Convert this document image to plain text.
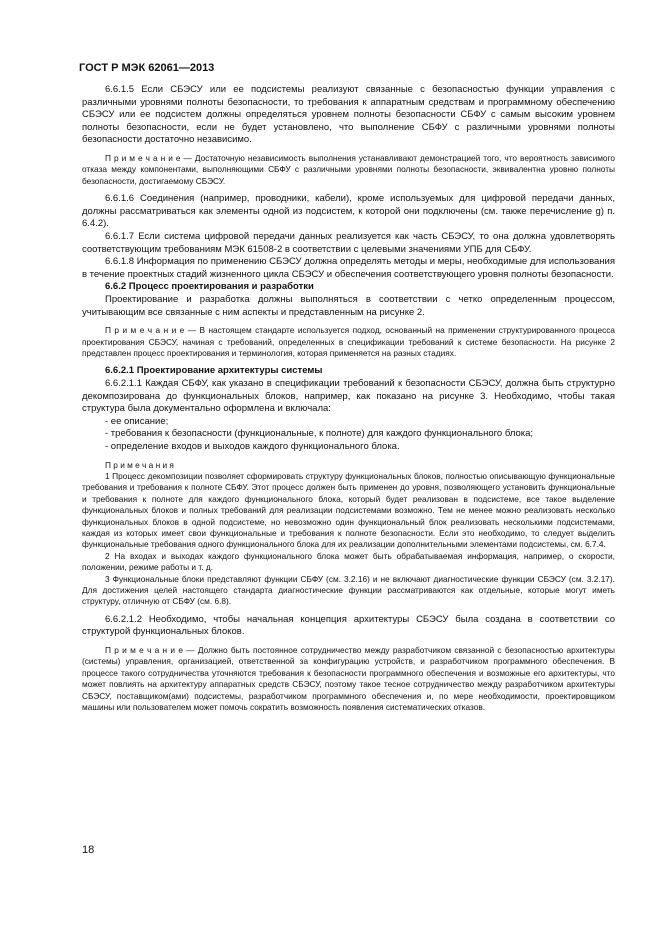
ГОСТ Р МЭК 62061—2013
6.6.1.5 Если СБЭСУ или ее подсистемы реализуют связанные с безопасностью функции управления с различными уровнями полноты безопасности, то требования к аппаратным средствам и программному обеспечению СБЭСУ или ее подсистем должны определяться уровнем полноты безопасности СБФУ с самым высоким уровнем полноты безопасности, если не будет установлено, что выполнение СБФУ с различными уровнями полноты безопасности достаточно независимо.
П р и м е ч а н и е — Достаточную независимость выполнения устанавливают демонстрацией того, что вероятность зависимого отказа между компонентами, выполняющими СБФУ с различными уровнями полноты безопасности, эквивалентна уровню полноты безопасности, достигаемому СБЭСУ.
6.6.1.6 Соединения (например, проводники, кабели), кроме используемых для цифровой передачи данных, должны рассматриваться как элементы одной из подсистем, к которой они подключены (см. также перечисление g) п. 6.4.2).
6.6.1.7 Если система цифровой передачи данных реализуется как часть СБЭСУ, то она должна удовлетворять соответствующим требованиям МЭК 61508-2 в соответствии с целевыми значениями УПБ для СБФУ.
6.6.1.8 Информация по применению СБЭСУ должна определять методы и меры, необходимые для использования в течение проектных стадий жизненного цикла СБЭСУ и обеспечения соответствующего уровня полноты безопасности.
6.6.2 Процесс проектирования и разработки
Проектирование и разработка должны выполняться в соответствии с четко определенным процессом, учитывающим все связанные с ним аспекты и представленным на рисунке 2.
П р и м е ч а н и е — В настоящем стандарте используется подход, основанный на применении структурированного процесса проектирования СБЭСУ, начиная с требований, определенных в спецификации требований к системе безопасности. На рисунке 2 представлен процесс проектирования и терминология, которая применяется на разных стадиях.
6.6.2.1 Проектирование архитектуры системы
6.6.2.1.1 Каждая СБФУ, как указано в спецификации требований к безопасности СБЭСУ, должна быть структурно декомпозирована до функциональных блоков, например, как показано на рисунке 3. Необходимо, чтобы такая структура была документально оформлена и включала:
- ее описание;
- требования к безопасности (функциональные, к полноте) для каждого функционального блока;
- определение входов и выходов каждого функционального блока.
П р и м е ч а н и я
1 Процесс декомпозиции позволяет сформировать структуру функциональных блоков, полностью описывающую функциональные требования и требования к полноте СБФУ. Этот процесс должен быть применен до уровня, позволяющего установить функциональные и требования к полноте для каждого функционального блока, который будет реализован в подсистеме, все такое выделение функциональных блоков и полных требований для реализации подсистемами возможно. Тем не менее можно реализовать несколько функциональных блоков в одной подсистеме, но невозможно один функциональный блок реализовать несколькими подсистемами, каждая из которых имеет свои функциональные и требования к полноте безопасности. Если это необходимо, то следует выделить функциональные требования одного функционального блока для их реализации дополнительными элементами подсистемы, см. 6.7.4.
2 На входах и выходах каждого функционального блока может быть обрабатываемая информация, например, о скорости, положении, режиме работы и т. д.
3 Функциональные блоки представляют функции СБФУ (см. 3.2.16) и не включают диагностические функции СБЭСУ (см. 3.2.17). Для достижения целей настоящего стандарта диагностические функции рассматриваются как отдельные, которые могут иметь структуру, отличную от СБФУ (см. 6.8).
6.6.2.1.2 Необходимо, чтобы начальная концепция архитектуры СБЭСУ была создана в соответствии со структурой функциональных блоков.
П р и м е ч а н и е — Должно быть постоянное сотрудничество между разработчиком связанной с безопасностью архитектуры (системы) управления, организацией, ответственной за конфигурацию устройств, и разработчиком программного обеспечения. В процессе такого сотрудничества уточняются требования к безопасности программного обеспечения и возможные его архитектуры, что может повлиять на архитектуру аппаратных средств СБЭСУ, поэтому такое тесное сотрудничество между разработчиком архитектуры СБЭСУ, поставщиком(ами) подсистемы, разработчиком программного обеспечения и, по мере необходимости, проектировщиком машины или пользователем может помочь сократить возможность появления систематических отказов.
18
